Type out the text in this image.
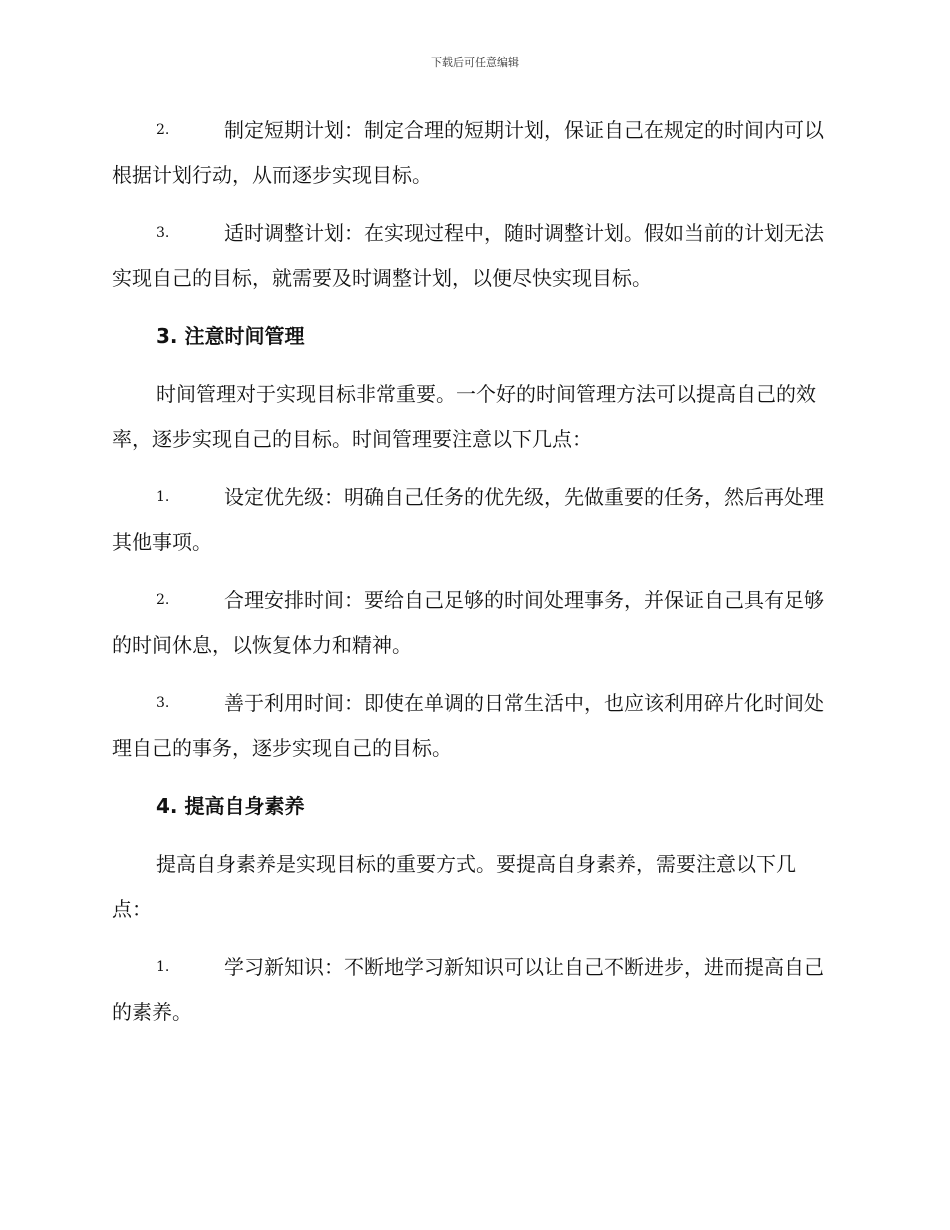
下载后可任意编辑

2.	制定短期计划：制定合理的短期计划，保证自己在规定的时间内可以根据计划行动，从而逐步实现目标。

3.	适时调整计划：在实现过程中，随时调整计划。假如当前的计划无法实现自己的目标，就需要及时调整计划，以便尽快实现目标。

3. 注意时间管理

时间管理对于实现目标非常重要。一个好的时间管理方法可以提高自己的效率，逐步实现自己的目标。时间管理要注意以下几点：

1.	设定优先级：明确自己任务的优先级，先做重要的任务，然后再处理其他事项。

2.	合理安排时间：要给自己足够的时间处理事务，并保证自己具有足够的时间休息，以恢复体力和精神。

3.	善于利用时间：即使在单调的日常生活中，也应该利用碎片化时间处理自己的事务，逐步实现自己的目标。

4. 提高自身素养

提高自身素养是实现目标的重要方式。要提高自身素养，需要注意以下几点：

1.	学习新知识：不断地学习新知识可以让自己不断进步，进而提高自己的素养。
